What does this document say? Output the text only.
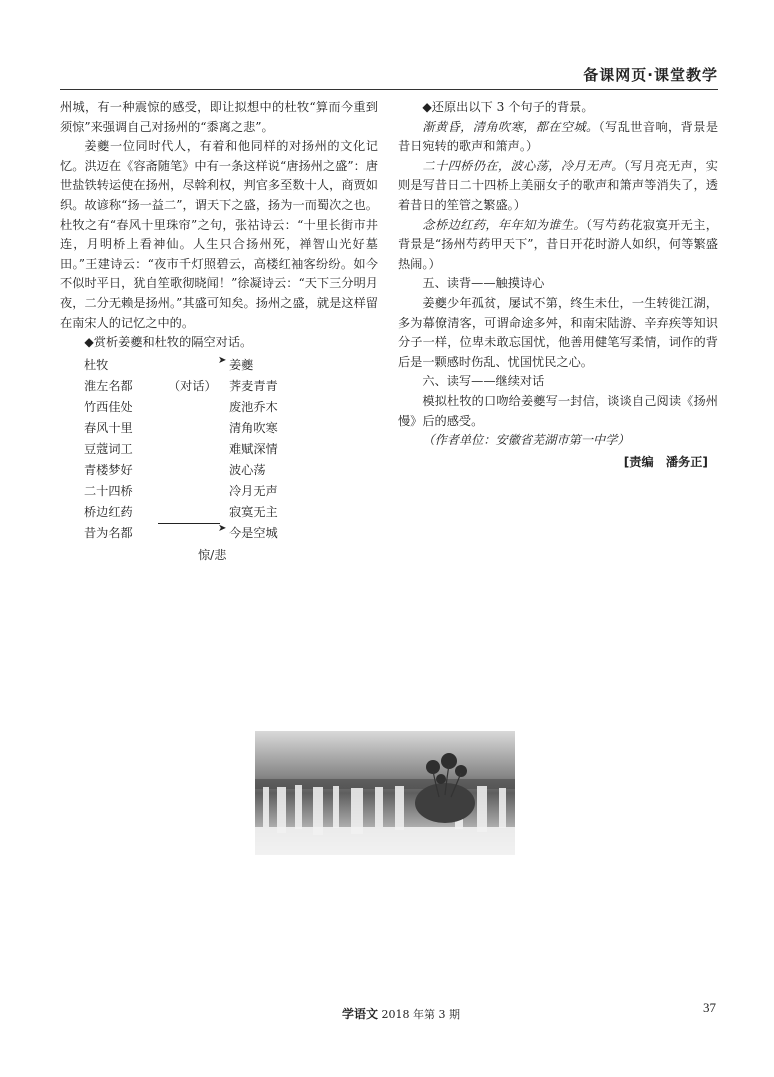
备课网页·课堂教学

州城，有一种震惊的感受，即让拟想中的杜牧“算而今重到须惊”来强调自己对扬州的“黍离之悲”。

姜夔一位同时代人，有着和他同样的对扬州的文化记忆。洪迈在《容斋随笔》中有一条这样说“唐扬州之盛”：唐世盐铁转运使在扬州，尽斡利权，判官多至数十人，商贾如织。故谚称“扬一益二”，谓天下之盛，扬为一而蜀次之也。杜牧之有“春风十里珠帘”之句，张祜诗云：“十里长街市井连，月明桥上看神仙。人生只合扬州死，禅智山光好墓田。”王建诗云：“夜市千灯照碧云，高楼红袖客纷纷。如今不似时平日，犹自笙歌彻晓闻！”徐凝诗云：“天下三分明月夜，二分无赖是扬州。”其盛可知矣。扬州之盛，就是这样留在南宋人的记忆之中的。

◆赏析姜夔和杜牧的隔空对话。

杜牧	➤ 姜夔
淮左名都	（对话） 荠麦青青
竹西佳处	废池乔木
春风十里	清角吹寒
豆蔻词工	难赋深情
青楼梦好	波心荡
二十四桥	冷月无声
桥边红药	寂寞无主
昔为名都	➤ 今是空城
惊/悲

◆还原出以下 3 个句子的背景。

渐黄昏，清角吹寒，都在空城。（写乱世音响，背景是昔日宛转的歌声和箫声。）

二十四桥仍在，波心荡，冷月无声。（写月亮无声，实则是写昔日二十四桥上美丽女子的歌声和箫声等消失了，透着昔日的笙管之繁盛。）

念桥边红药，年年知为谁生。（写芍药花寂寞开无主，背景是“扬州芍药甲天下”，昔日开花时游人如织，何等繁盛热闹。）

五、读背——触摸诗心

姜夔少年孤贫，屡试不第，终生未仕，一生转徙江湖，多为幕僚清客，可谓命途多舛，和南宋陆游、辛弃疾等知识分子一样，位卑未敢忘国忧，他善用健笔写柔情，词作的背后是一颗感时伤乱、忧国忧民之心。

六、读写——继续对话

模拟杜牧的口吻给姜夔写一封信，谈谈自己阅读《扬州慢》后的感受。

（作者单位：安徽省芜湖市第一中学）

[责编　潘务正]
学语文 2018 年第 3 期	37
